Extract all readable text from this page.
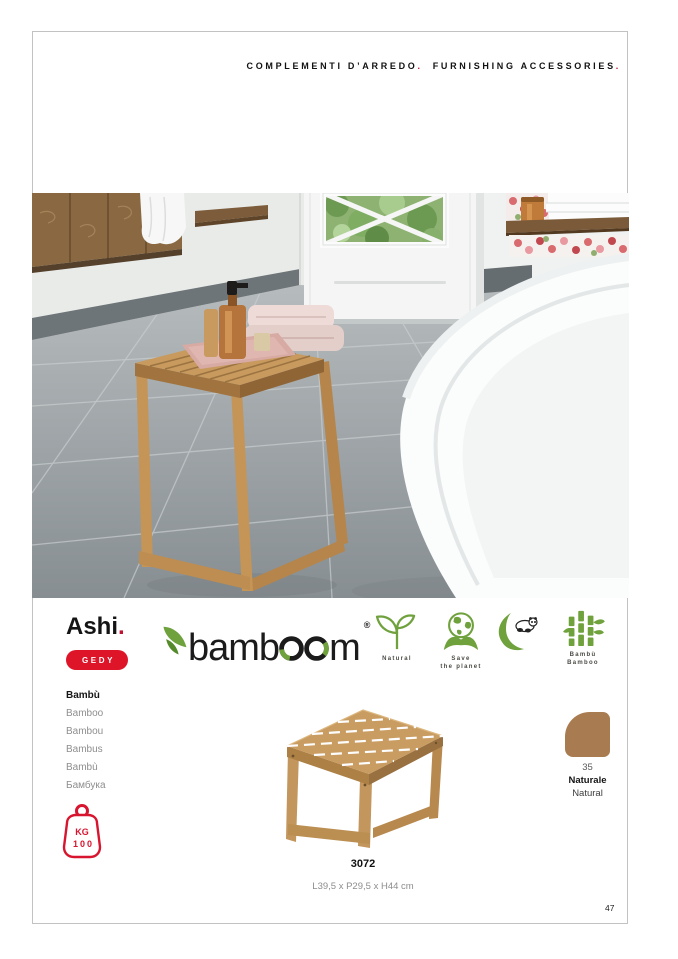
COMPLEMENTI D’ARREDO. FURNISHING ACCESSORIES.
Ashi.
GEDY	bamb m
®
Natural	Save
the planet
Bambù
Bamboo
Bambù
Bamboo
Bambou
Bambus
Bambù
Бамбука
KG
100
3072
L39,5 x P29,5 x H44 cm
35
Naturale
Natural
47
